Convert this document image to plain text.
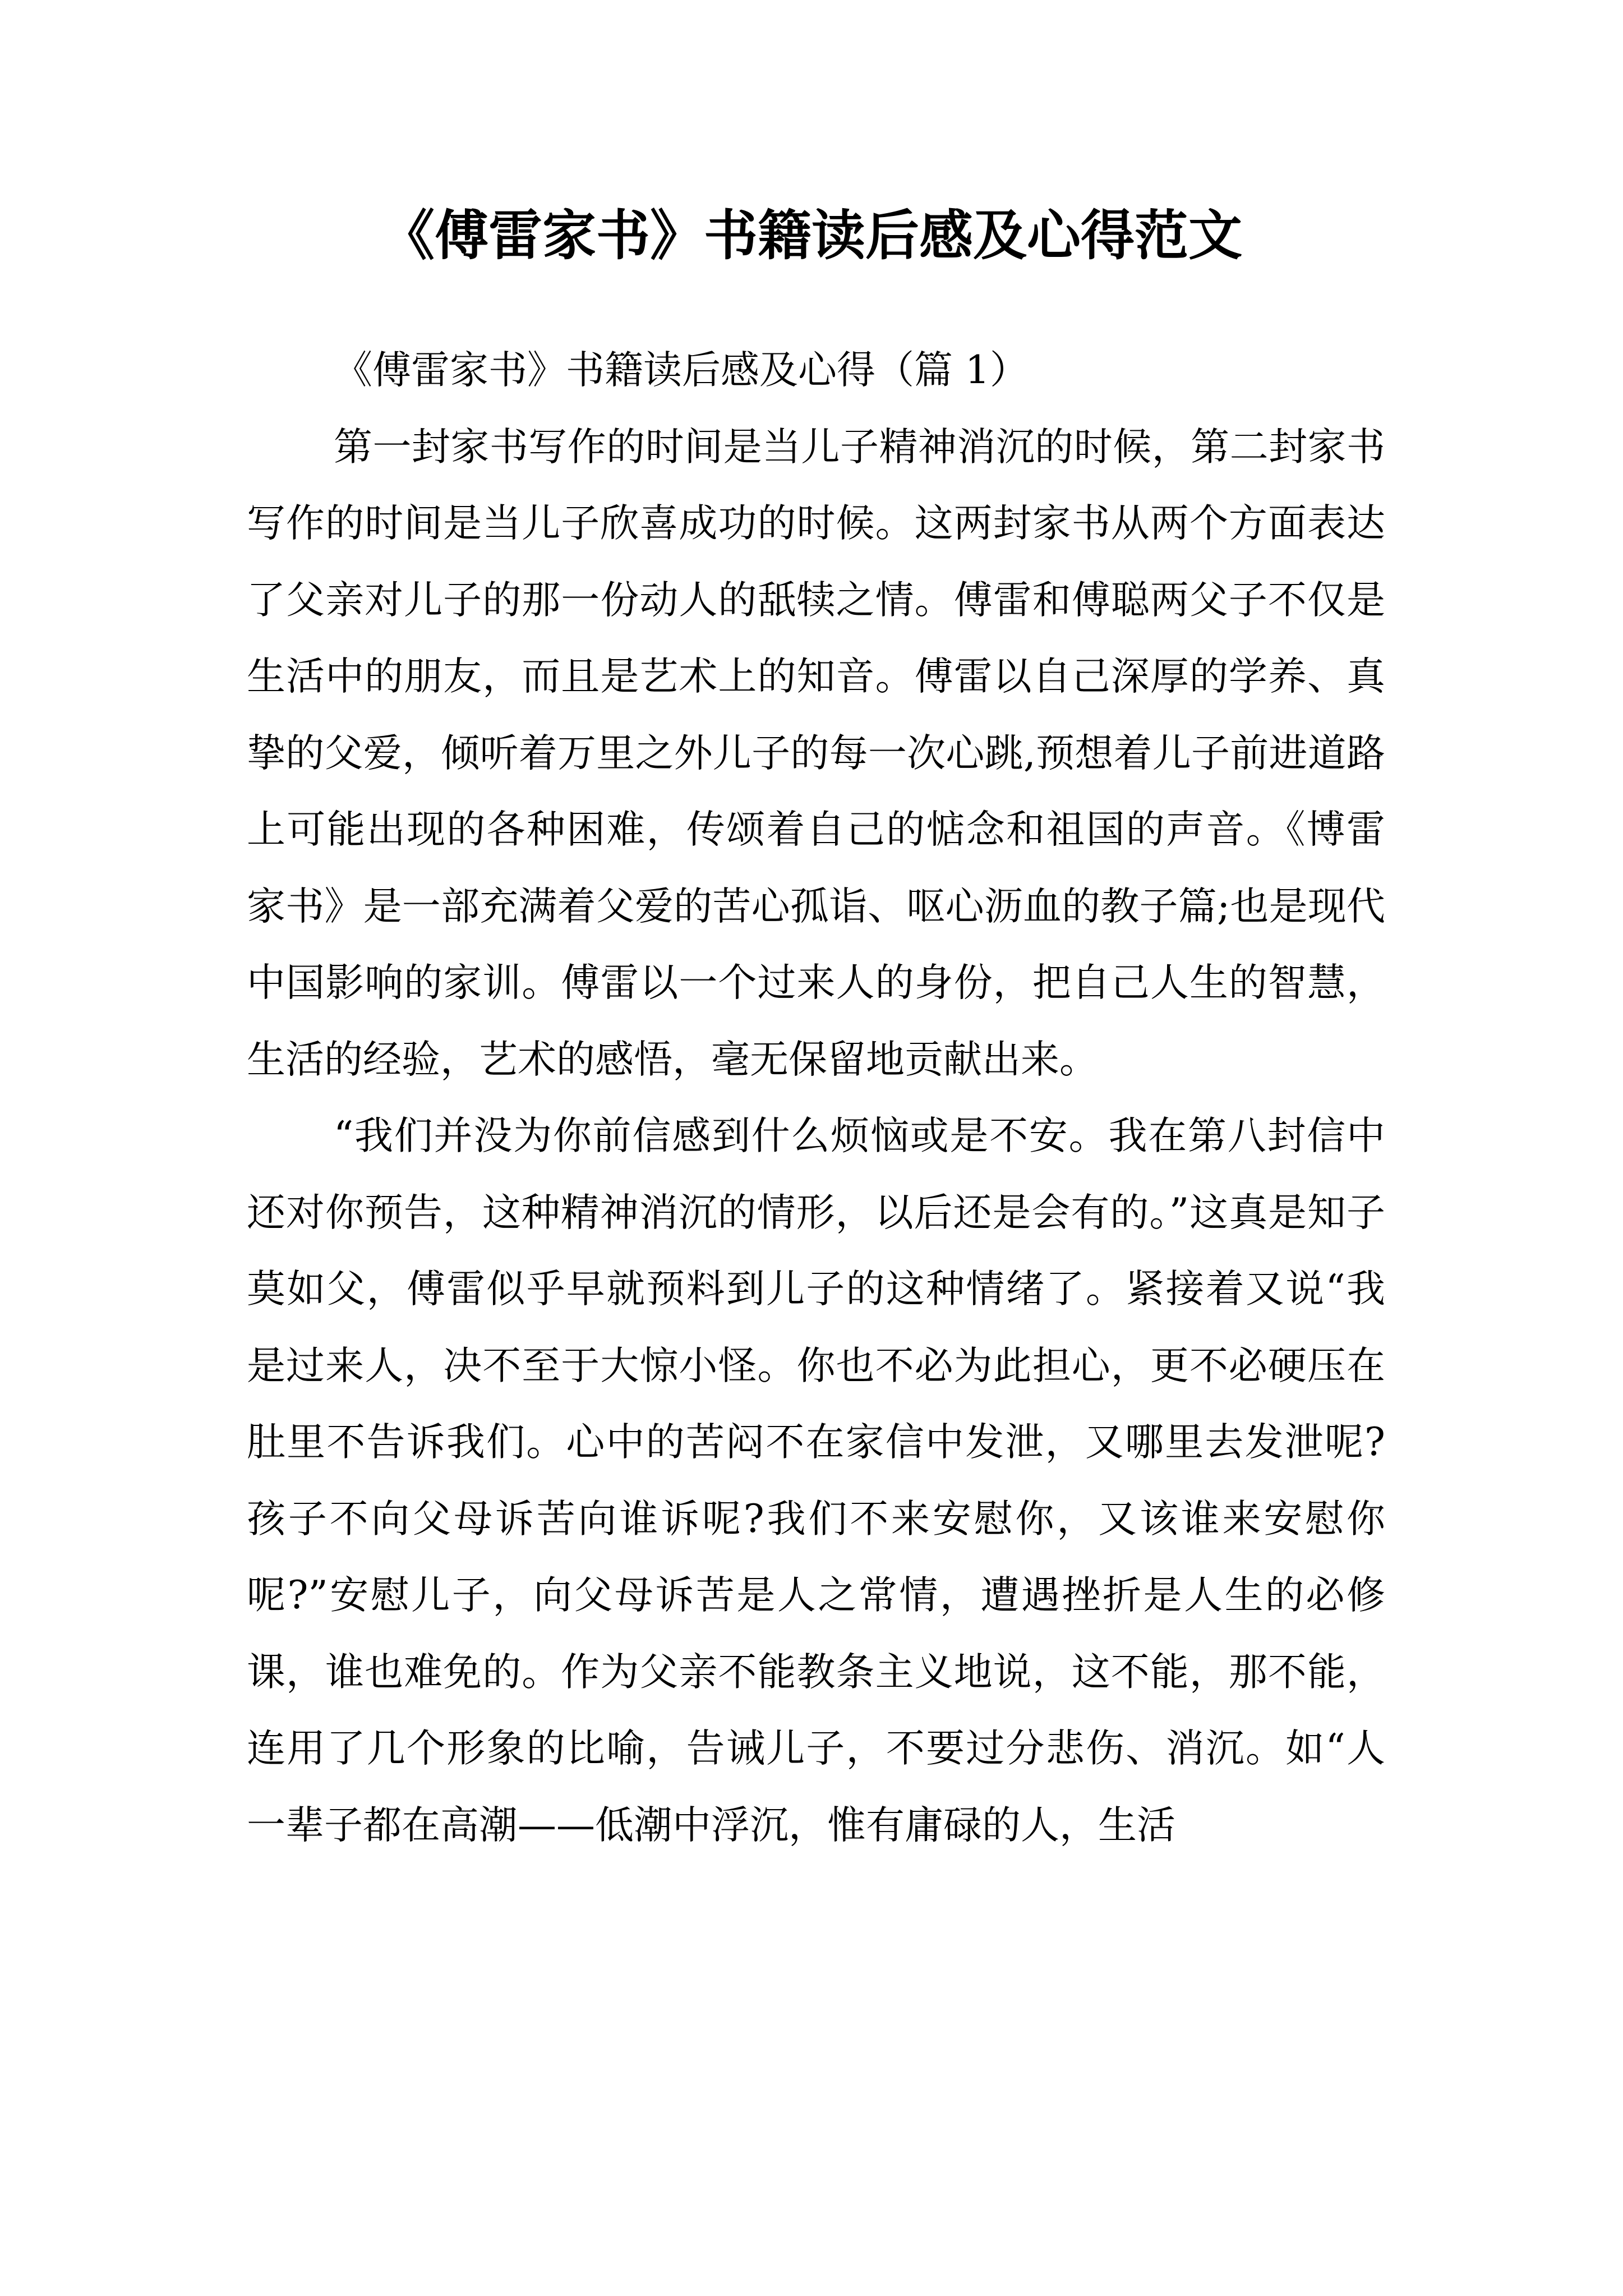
《傅雷家书》书籍读后感及心得范文

《傅雷家书》书籍读后感及心得（篇 1）

第一封家书写作的时间是当儿子精神消沉的时候，第二封家书写作的时间是当儿子欣喜成功的时候。这两封家书从两个方面表达了父亲对儿子的那一份动人的舐犊之情。傅雷和傅聪两父子不仅是生活中的朋友，而且是艺术上的知音。傅雷以自己深厚的学养、真挚的父爱，倾听着万里之外儿子的每一次心跳,预想着儿子前进道路上可能出现的各种困难，传颂着自己的惦念和祖国的声音。《博雷家书》是一部充满着父爱的苦心孤诣、呕心沥血的教子篇;也是现代中国影响的家训。傅雷以一个过来人的身份，把自己人生的智慧，生活的经验，艺术的感悟，毫无保留地贡献出来。

“我们并没为你前信感到什么烦恼或是不安。我在第八封信中还对你预告，这种精神消沉的情形，以后还是会有的。”这真是知子莫如父，傅雷似乎早就预料到儿子的这种情绪了。紧接着又说“我是过来人，决不至于大惊小怪。你也不必为此担心，更不必硬压在肚里不告诉我们。心中的苦闷不在家信中发泄，又哪里去发泄呢?孩子不向父母诉苦向谁诉呢?我们不来安慰你，又该谁来安慰你呢?”安慰儿子，向父母诉苦是人之常情，遭遇挫折是人生的必修课，谁也难免的。作为父亲不能教条主义地说，这不能，那不能，连用了几个形象的比喻，告诫儿子，不要过分悲伤、消沉。如“人一辈子都在高潮——低潮中浮沉，惟有庸碌的人，生活
